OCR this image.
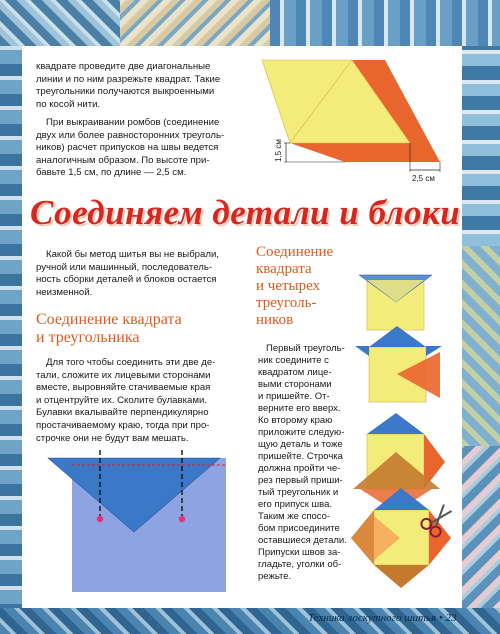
квадрате проведите две диагональные
линии и по ним разрежьте квадрат. Такие
треугольники получаются выкроенными
по косой нити.
При выкраивании ромбов (соединение
двух или более равносторонних треуголь-
ников) расчет припусков на швы ведется
аналогичным образом. По высоте при-
бавьте 1,5 см, по длине — 2,5 см.
1,5 см
2,5 см
Соединяем детали и блоки
Какой бы метод шитья вы не выбрали,
ручной или машинный, последователь-
ность сборки деталей и блоков остается
неизменной.
Соединение квадрата
и треугольника
Для того чтобы соединить эти две де-
тали, сложите их лицевыми сторонами
вместе, выровняйте стачиваемые края
и отцентруйте их. Сколите булавками.
Булавки вкалывайте перпендикулярно
простачиваемому краю, тогда при про-
строчке они не будут вам мешать.
Соединение
квадрата
и четырех
треуголь-
ников
Первый треуголь-
ник соедините с
квадратом лице-
выми сторонами
и пришейте. От-
верните его вверх.
Ко второму краю
приложите следую-
щую деталь и тоже
пришейте. Строчка
должна пройти че-
рез первый приши-
тый треугольник и
его припуск шва.
Таким же спосо-
бом присоедините
оставшиеся детали.
Припуски швов за-
гладьте, уголки об-
режьте.
Техника лоскутного шитья • 23
